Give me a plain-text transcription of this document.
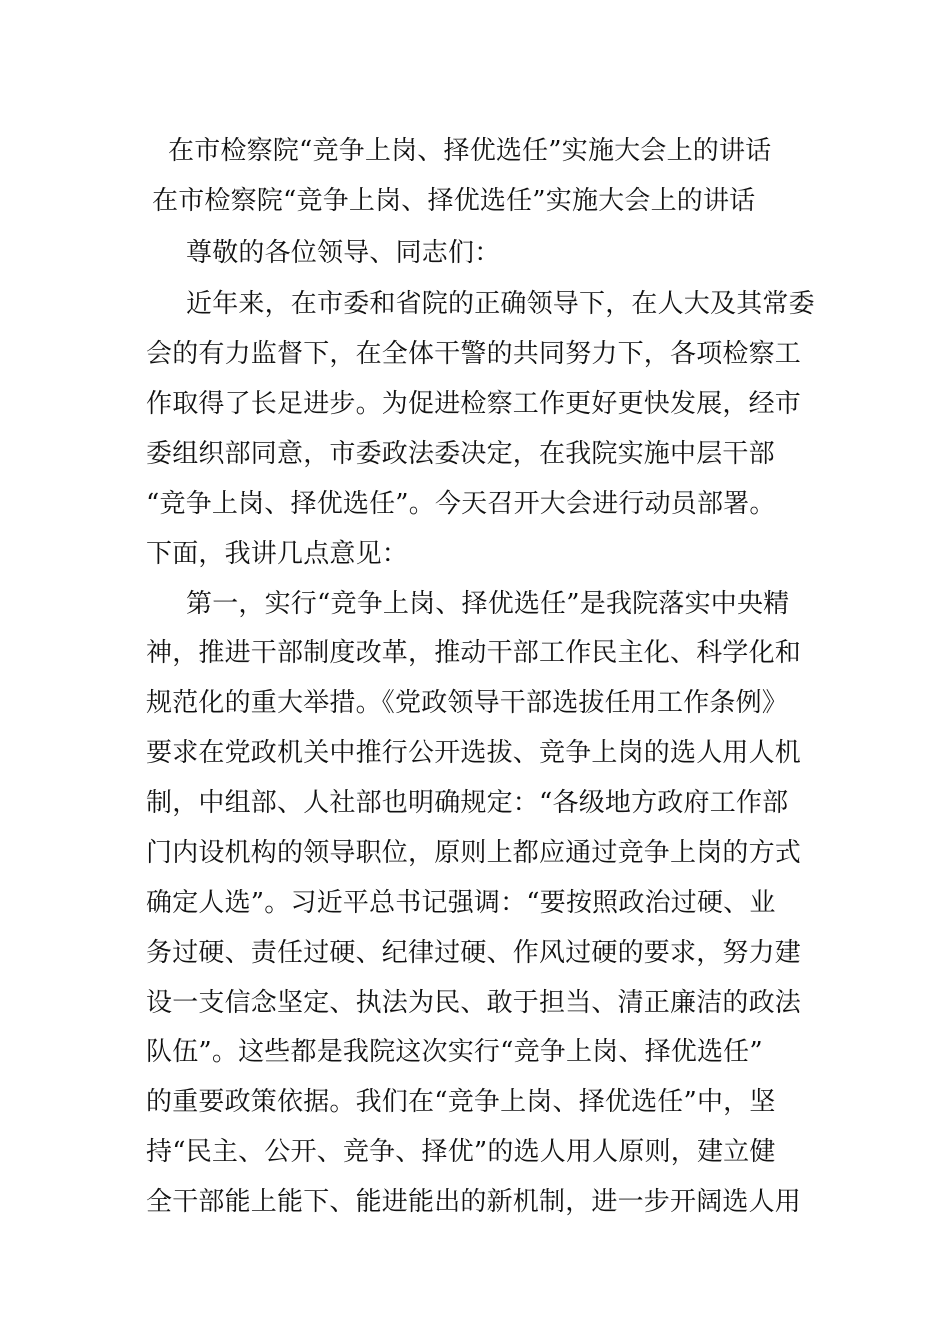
在市检察院“竞争上岗、择优选任”实施大会上的讲话
在市检察院“竞争上岗、择优选任”实施大会上的讲话
尊敬的各位领导、同志们：
近年来，在市委和省院的正确领导下，在人大及其常委
会的有力监督下，在全体干警的共同努力下，各项检察工
作取得了长足进步。为促进检察工作更好更快发展，经市
委组织部同意，市委政法委决定，在我院实施中层干部
“竞争上岗、择优选任”。今天召开大会进行动员部署。
下面，我讲几点意见：
第一，实行“竞争上岗、择优选任”是我院落实中央精
神，推进干部制度改革，推动干部工作民主化、科学化和
规范化的重大举措。《党政领导干部选拔任用工作条例》
要求在党政机关中推行公开选拔、竞争上岗的选人用人机
制，中组部、人社部也明确规定：“各级地方政府工作部
门内设机构的领导职位，原则上都应通过竞争上岗的方式
确定人选”。习近平总书记强调：“要按照政治过硬、业
务过硬、责任过硬、纪律过硬、作风过硬的要求，努力建
设一支信念坚定、执法为民、敢于担当、清正廉洁的政法
队伍”。这些都是我院这次实行“竞争上岗、择优选任”
的重要政策依据。我们在“竞争上岗、择优选任”中，坚
持“民主、公开、竞争、择优”的选人用人原则，建立健
全干部能上能下、能进能出的新机制，进一步开阔选人用
